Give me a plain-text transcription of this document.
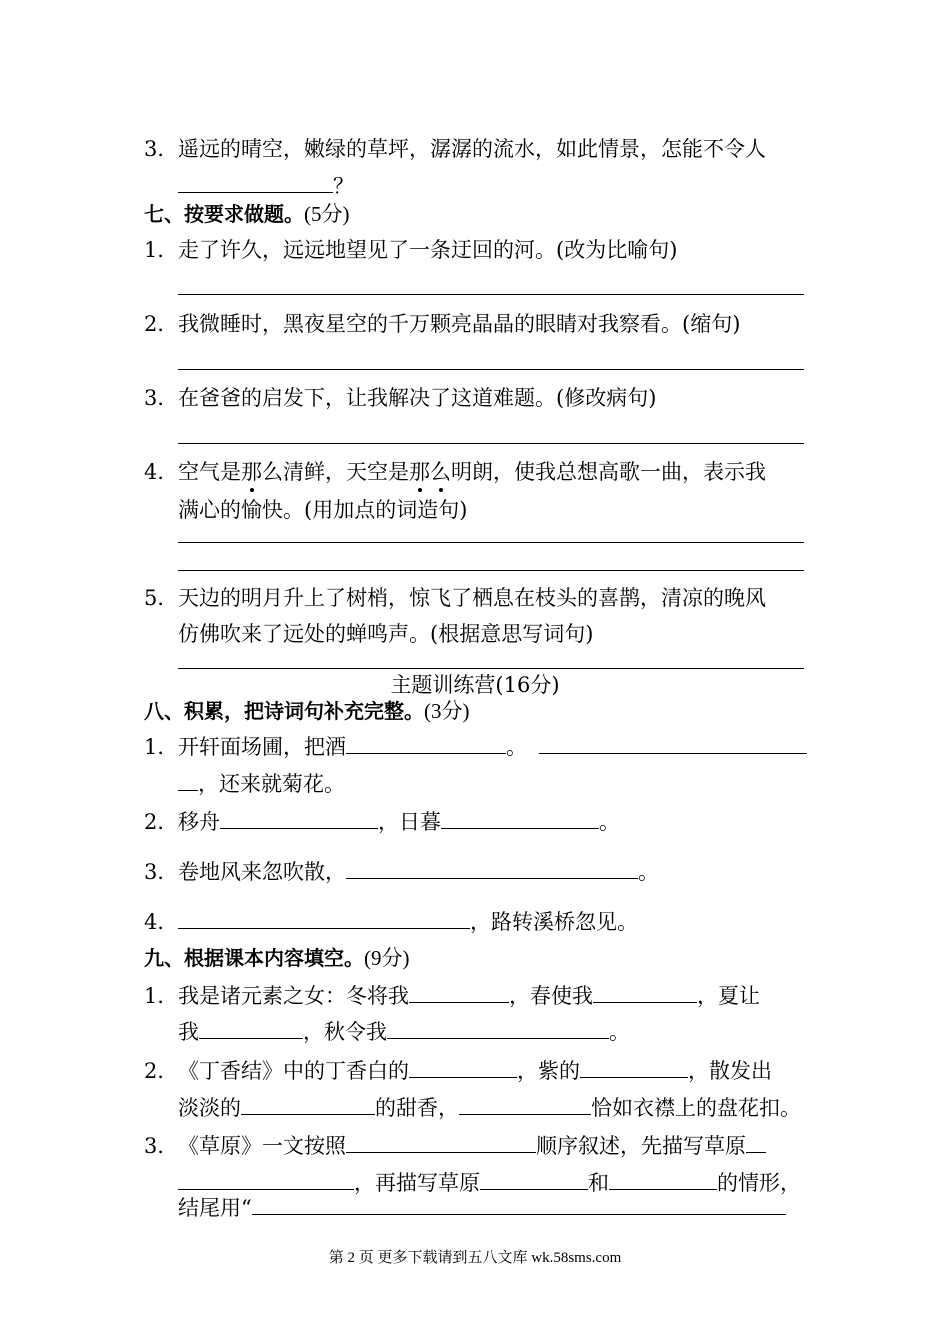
3． 遥远的晴空，嫩绿的草坪，潺潺的流水，如此情景，怎能不令人
？
七、按要求做题。(5分)
1． 走了许久，远远地望见了一条迂回的河。(改为比喻句)
2． 我微睡时，黑夜星空的千万颗亮晶晶的眼睛对我察看。(缩句)
3． 在爸爸的启发下，让我解决了这道难题。(修改病句)
4． 空气是那么清鲜，天空是那么明朗，使我总想高歌一曲，表示我
满心的愉快。(用加点的词造句)
5． 天边的明月升上了树梢，惊飞了栖息在枝头的喜鹊，清凉的晚风
仿佛吹来了远处的蝉鸣声。(根据意思写词句)
主题训练营(16分)
八、积累，把诗词句补充完整。(3分)
1． 开轩面场圃，把酒	。
，还来就菊花。
2． 移舟	，日暮	。
3． 卷地风来忽吹散，	。
4．	，路转溪桥忽见。
九、根据课本内容填空。(9分)
1． 我是诸元素之女：冬将我	，春使我	，夏让
我	，秋令我	。
2． 《丁香结》中的丁香白的	，紫的	，散发出
淡淡的	的甜香，	恰如衣襟上的盘花扣。
3． 《草原》一文按照	顺序叙述，先描写草原
，再描写草原	和	的情形，
结尾用“
第 2 页 更多下载请到五八文库 wk.58sms.com
